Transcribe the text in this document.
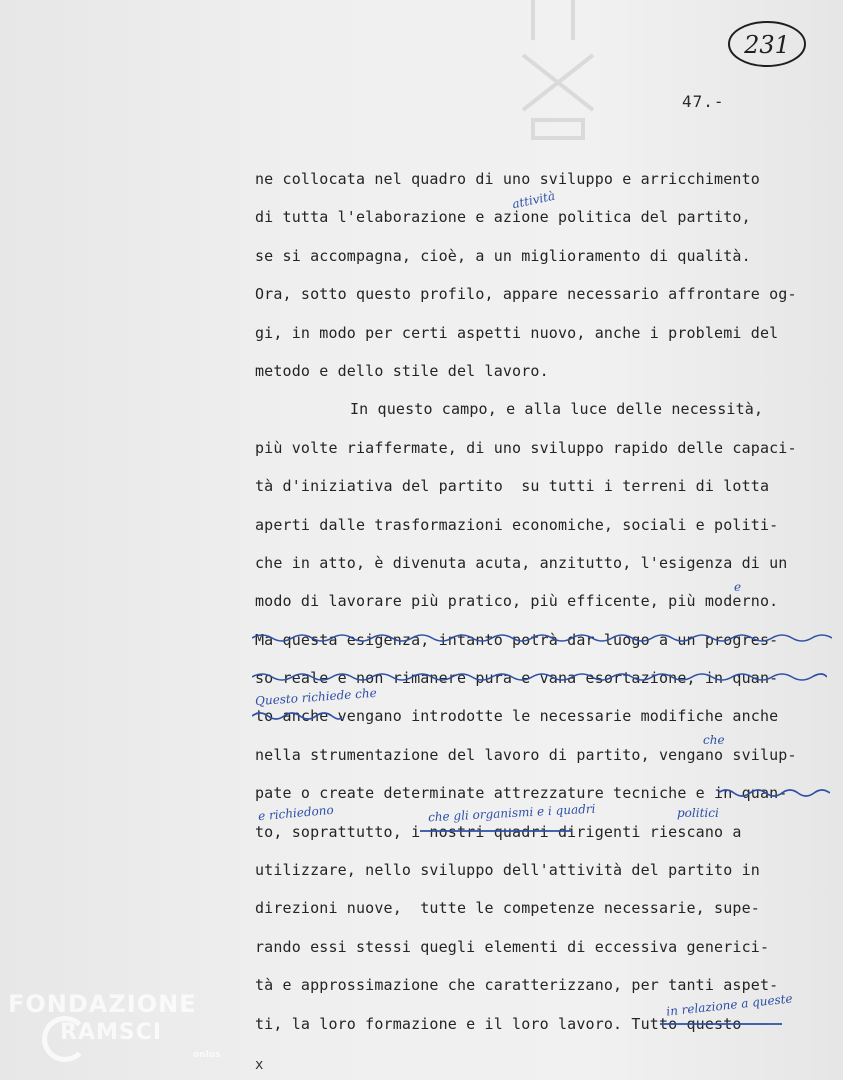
231
47.-
ne collocata nel quadro di uno sviluppo e arricchimento
di tutta l'elaborazione e azione politica del partito,
se si accompagna, cioè, a un miglioramento di qualità.
Ora, sotto questo profilo, appare necessario affrontare og-
gi, in modo per certi aspetti nuovo, anche i problemi del
metodo e dello stile del lavoro.
In questo campo, e alla luce delle necessità,
più volte riaffermate, di uno sviluppo rapido delle capaci-
tà d'iniziativa del partito  su tutti i terreni di lotta
aperti dalle trasformazioni economiche, sociali e politi-
che in atto, è divenuta acuta, anzitutto, l'esigenza di un
modo di lavorare più pratico, più efficente, più moderno.
Ma questa esigenza, intanto potrà dar luogo a un progres-
so reale e non rimanere pura e vana esortazione, in quan-
to anche vengano introdotte le necessarie modifiche anche
nella strumentazione del lavoro di partito, vengano svilup-
pate o create determinate attrezzature tecniche e in quan-
to, soprattutto, i nostri quadri dirigenti riescano a
utilizzare, nello sviluppo dell'attività del partito in
direzioni nuove,  tutte le competenze necessarie, supe-
rando essi stessi quegli elementi di eccessiva generici-
tà e approssimazione che caratterizzano, per tanti aspet-
ti, la loro formazione e il loro lavoro. Tutto questo
attività
e
Questo richiede che
che
e richiedono	che gli organismi e i quadri	politici
in relazione a queste
x
FONDAZIONE
RAMSCI
onlus
